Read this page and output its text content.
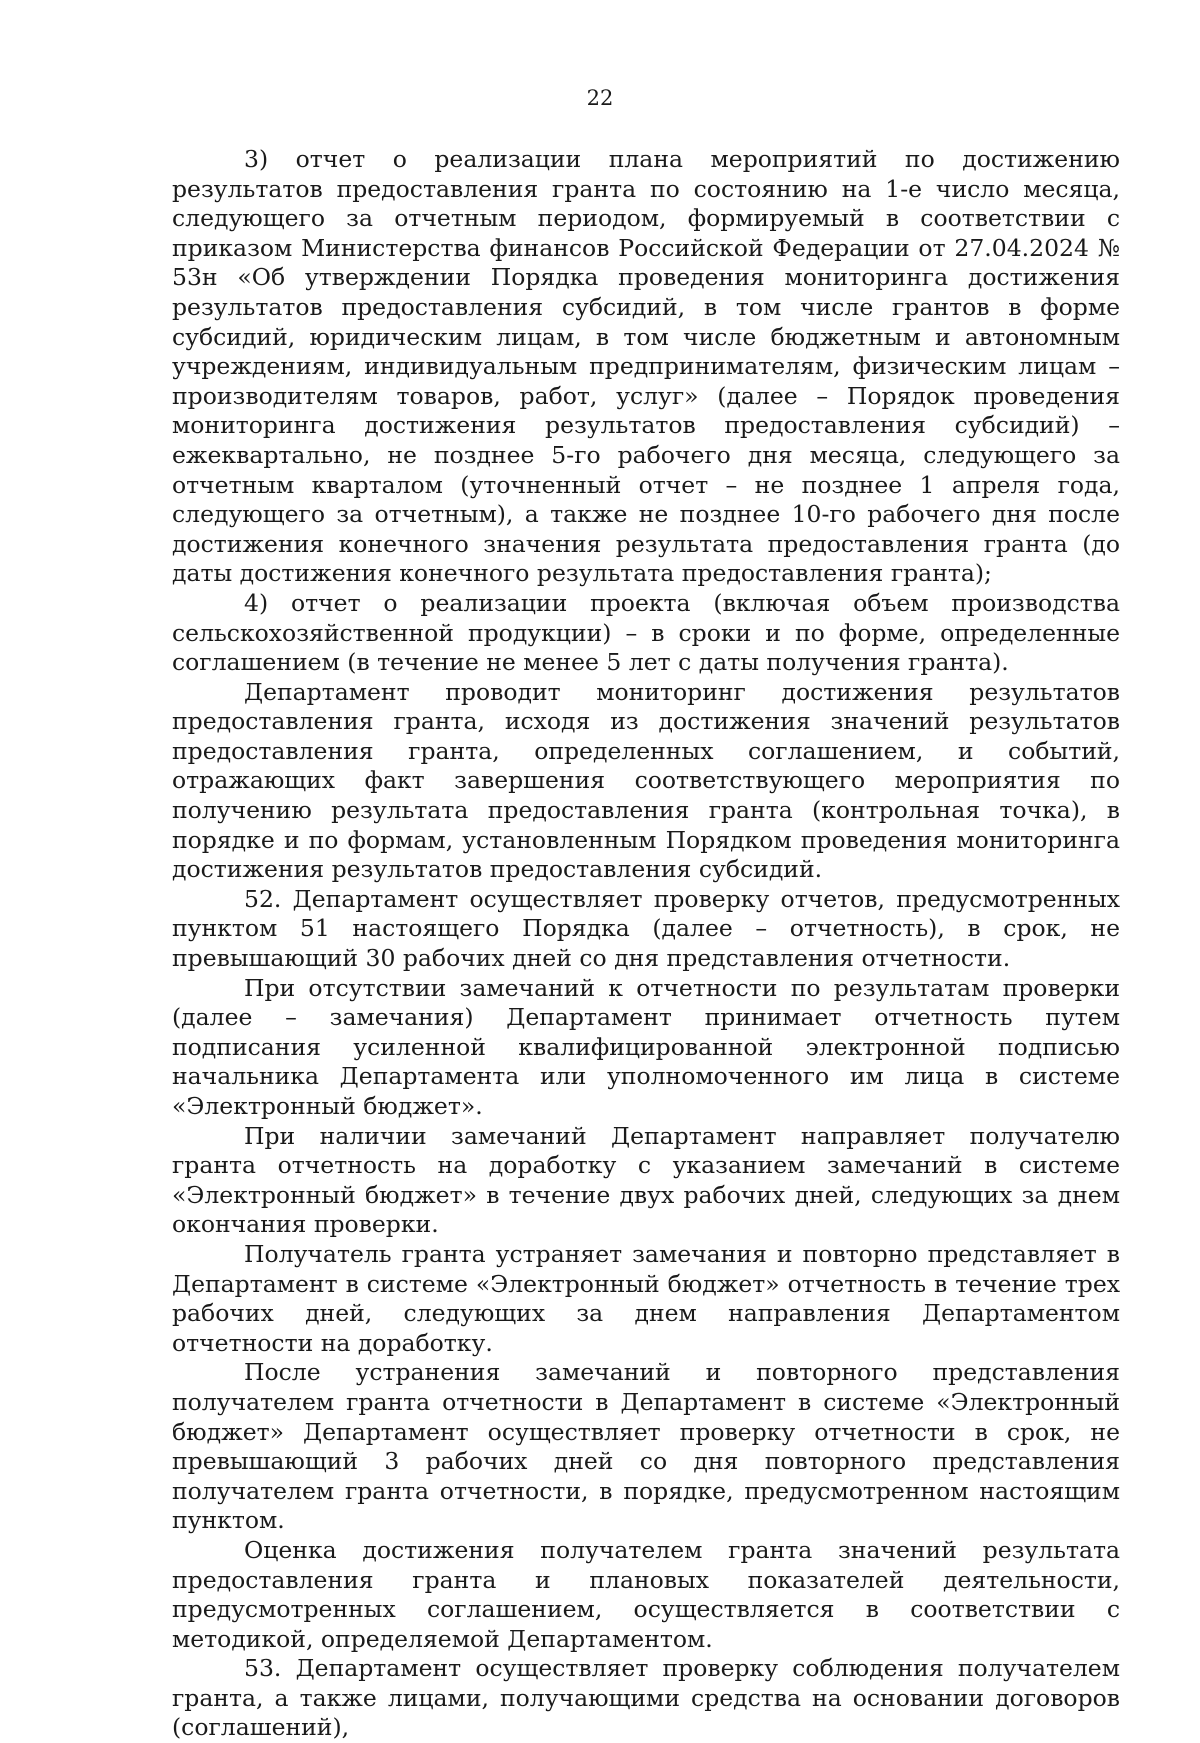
22

3) отчет о реализации плана мероприятий по достижению результатов предоставления гранта по состоянию на 1-е число месяца, следующего за отчетным периодом, формируемый в соответствии с приказом Министерства финансов Российской Федерации от 27.04.2024 № 53н «Об утверждении Порядка проведения мониторинга достижения результатов предоставления субсидий, в том числе грантов в форме субсидий, юридическим лицам, в том числе бюджетным и автономным учреждениям, индивидуальным предпринимателям, физическим лицам – производителям товаров, работ, услуг» (далее – Порядок проведения мониторинга достижения результатов предоставления субсидий) – ежеквартально, не позднее 5-го рабочего дня месяца, следующего за отчетным кварталом (уточненный отчет – не позднее 1 апреля года, следующего за отчетным), а также не позднее 10-го рабочего дня после достижения конечного значения результата предоставления гранта (до даты достижения конечного результата предоставления гранта);

4) отчет о реализации проекта (включая объем производства сельскохозяйственной продукции) – в сроки и по форме, определенные соглашением (в течение не менее 5 лет с даты получения гранта).

Департамент проводит мониторинг достижения результатов предоставления гранта, исходя из достижения значений результатов предоставления гранта, определенных соглашением, и событий, отражающих факт завершения соответствующего мероприятия по получению результата предоставления гранта (контрольная точка), в порядке и по формам, установленным Порядком проведения мониторинга достижения результатов предоставления субсидий.

52. Департамент осуществляет проверку отчетов, предусмотренных пунктом 51 настоящего Порядка (далее – отчетность), в срок, не превышающий 30 рабочих дней со дня представления отчетности.

При отсутствии замечаний к отчетности по результатам проверки (далее – замечания) Департамент принимает отчетность путем подписания усиленной квалифицированной электронной подписью начальника Департамента или уполномоченного им лица в системе «Электронный бюджет».

При наличии замечаний Департамент направляет получателю гранта отчетность на доработку с указанием замечаний в системе «Электронный бюджет» в течение двух рабочих дней, следующих за днем окончания проверки.

Получатель гранта устраняет замечания и повторно представляет в Департамент в системе «Электронный бюджет» отчетность в течение трех рабочих дней, следующих за днем направления Департаментом отчетности на доработку.

После устранения замечаний и повторного представления получателем гранта отчетности в Департамент в системе «Электронный бюджет» Департамент осуществляет проверку отчетности в срок, не превышающий 3 рабочих дней со дня повторного представления получателем гранта отчетности, в порядке, предусмотренном настоящим пунктом.

Оценка достижения получателем гранта значений результата предоставления гранта и плановых показателей деятельности, предусмотренных соглашением, осуществляется в соответствии с методикой, определяемой Департаментом.

53. Департамент осуществляет проверку соблюдения получателем гранта, а также лицами, получающими средства на основании договоров (соглашений),
